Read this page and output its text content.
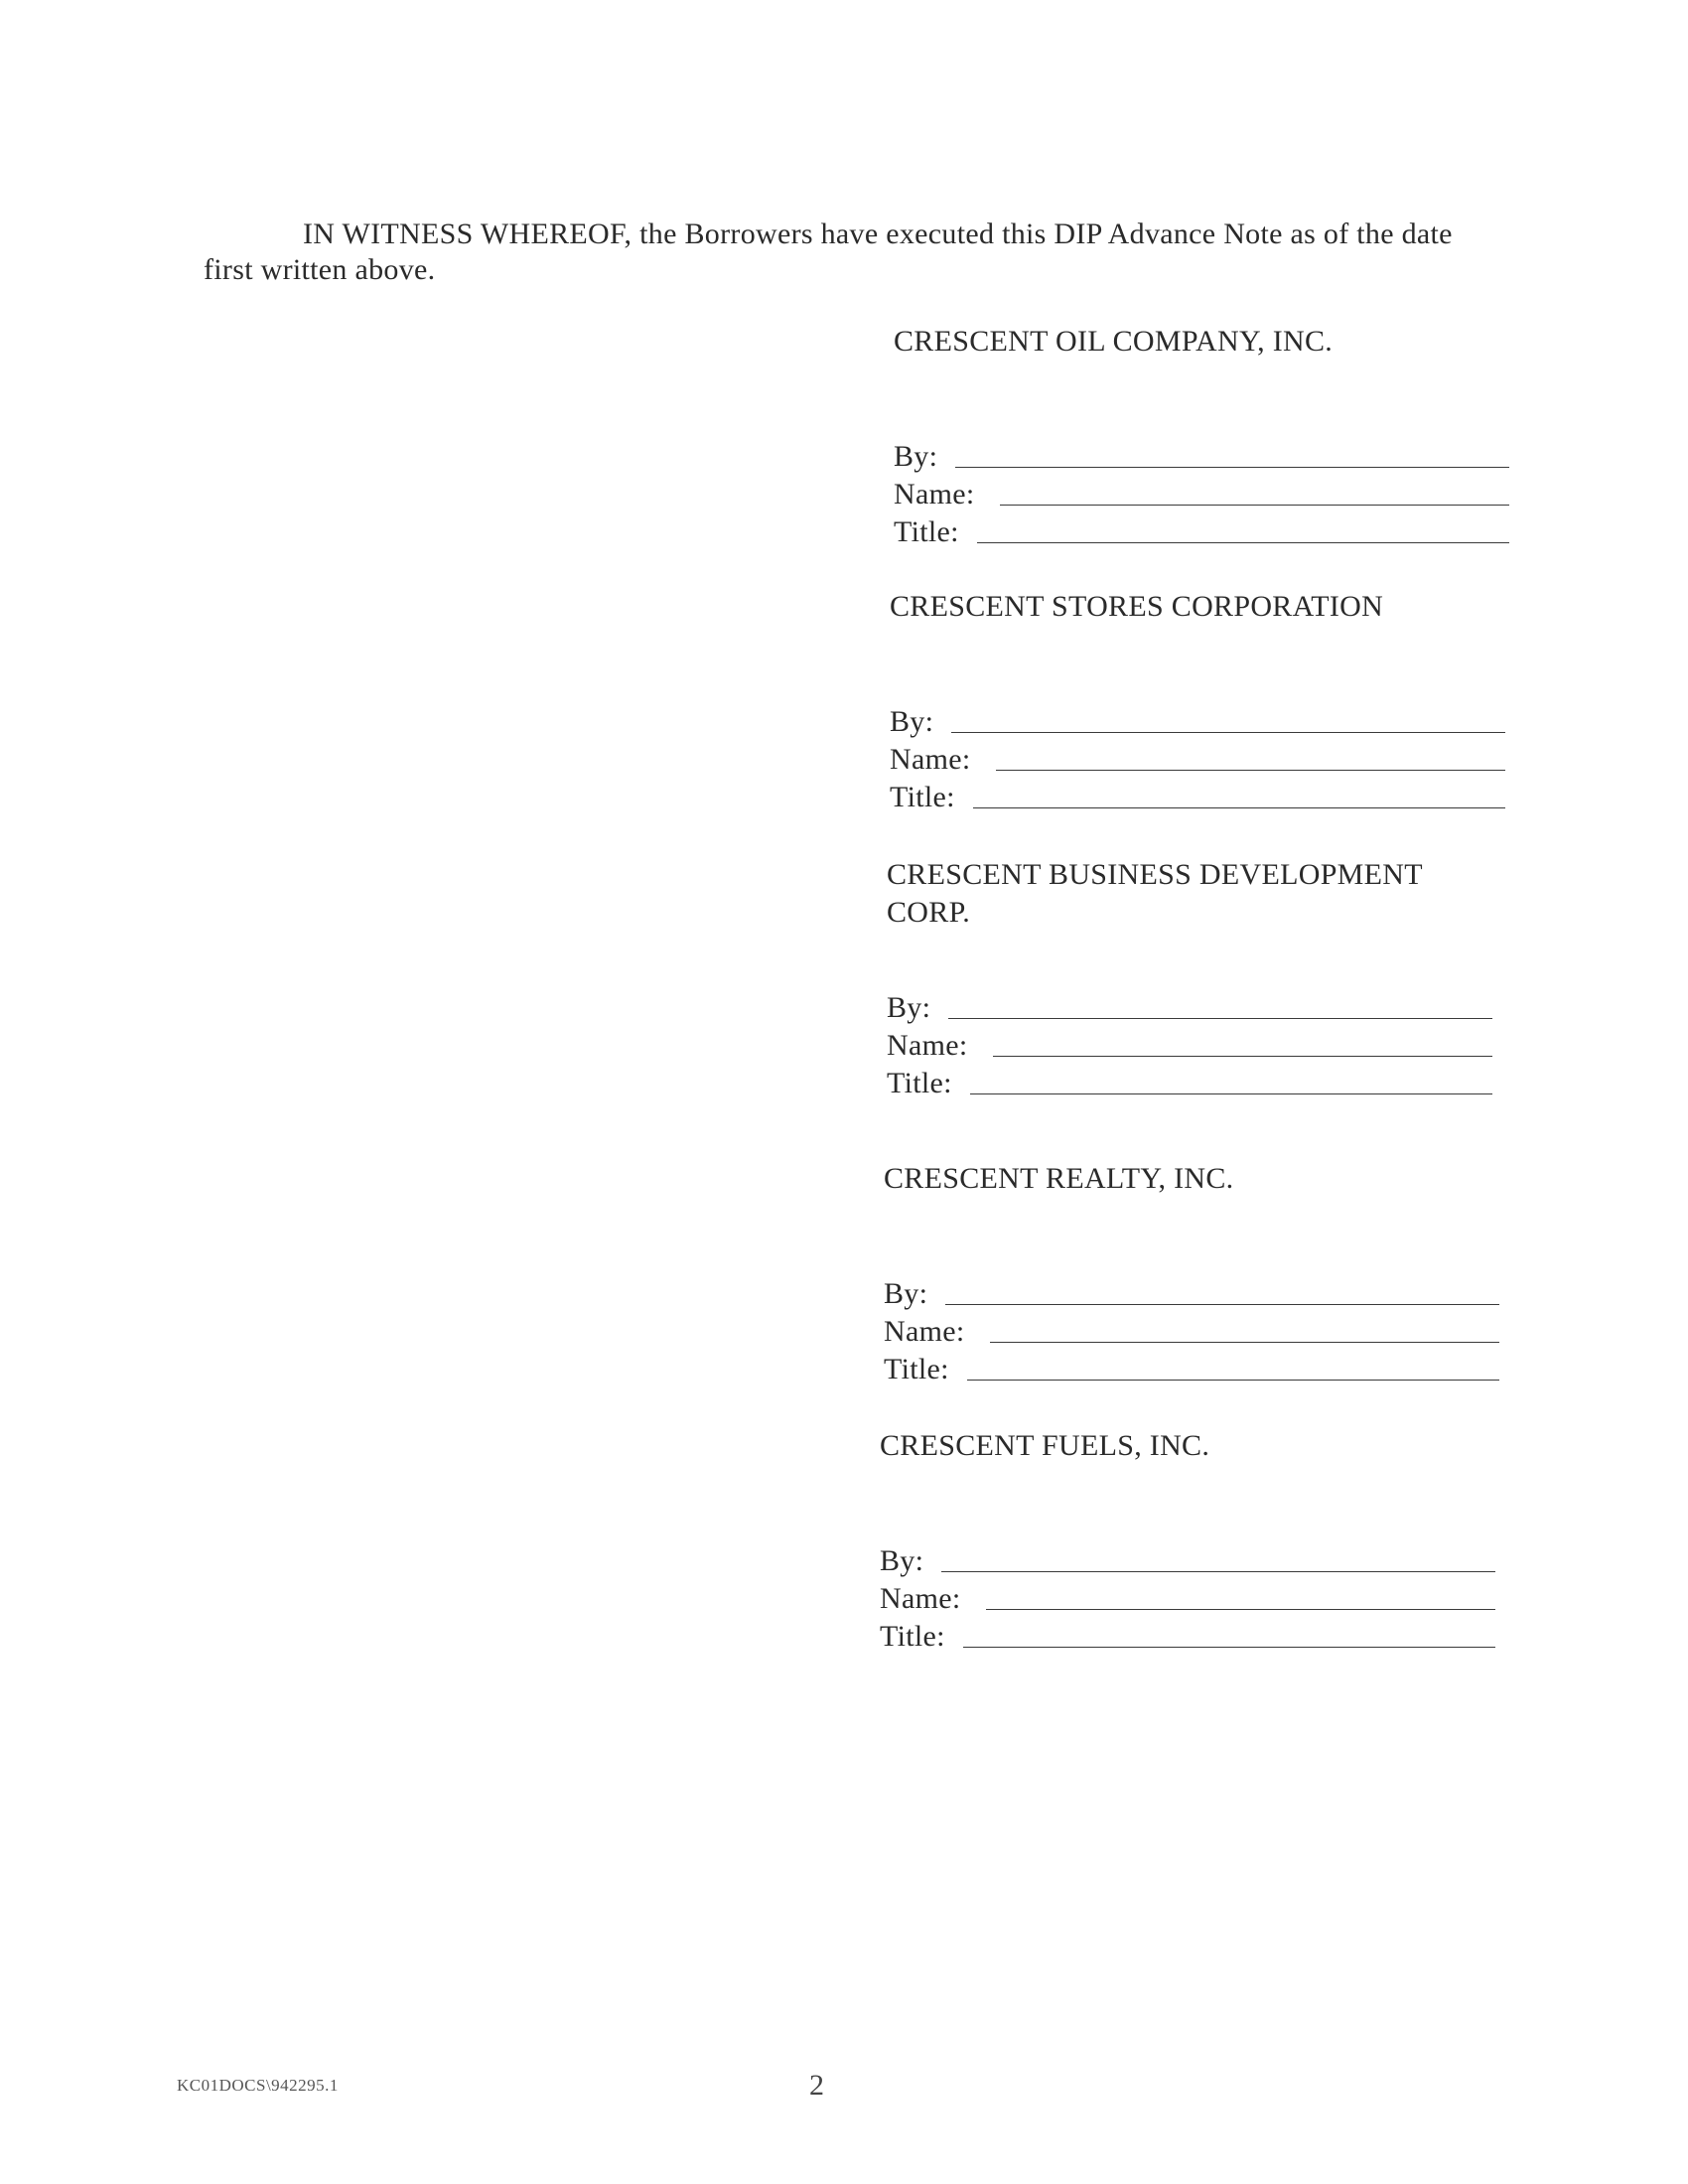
IN WITNESS WHEREOF, the Borrowers have executed this DIP Advance Note as of the date first written above.
CRESCENT OIL COMPANY, INC.
By:
Name:
Title:
CRESCENT STORES CORPORATION
By:
Name:
Title:
CRESCENT BUSINESS DEVELOPMENT CORP.
By:
Name:
Title:
CRESCENT REALTY, INC.
By:
Name:
Title:
CRESCENT FUELS, INC.
By:
Name:
Title:
KC01DOCS\942295.1	2
